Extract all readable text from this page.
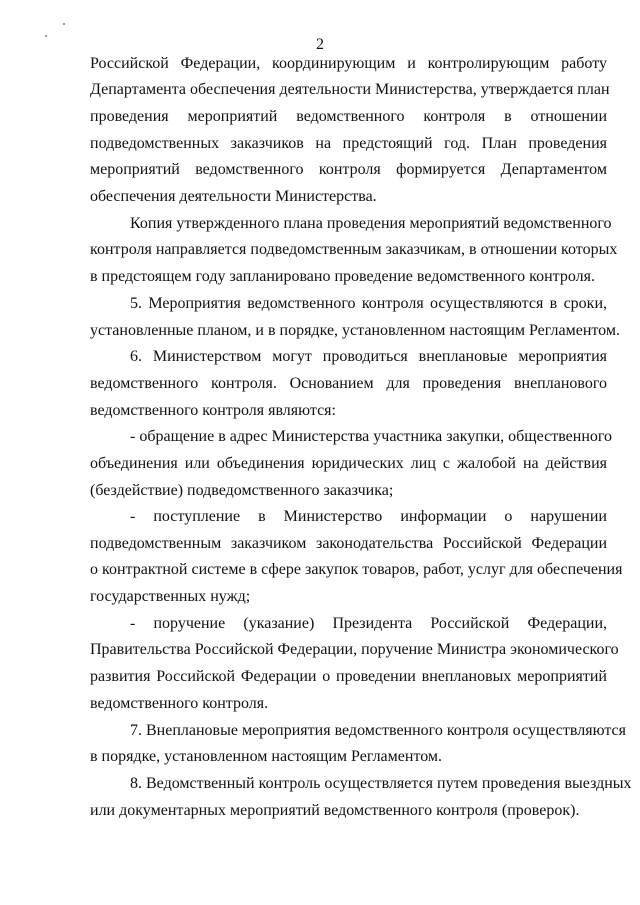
2
Российской Федерации, координирующим и контролирующим работу
Департамента обеспечения деятельности Министерства, утверждается план
проведения мероприятий ведомственного контроля в отношении
подведомственных заказчиков на предстоящий год. План проведения
мероприятий ведомственного контроля формируется Департаментом
обеспечения деятельности Министерства.
Копия утвержденного плана проведения мероприятий ведомственного
контроля направляется подведомственным заказчикам, в отношении которых
в предстоящем году запланировано проведение ведомственного контроля.
5. Мероприятия ведомственного контроля осуществляются в сроки,
установленные планом, и в порядке, установленном настоящим Регламентом.
6. Министерством могут проводиться внеплановые мероприятия
ведомственного контроля. Основанием для проведения внепланового
ведомственного контроля являются:
- обращение в адрес Министерства участника закупки, общественного
объединения или объединения юридических лиц с жалобой на действия
(бездействие) подведомственного заказчика;
- поступление в Министерство информации о нарушении
подведомственным заказчиком законодательства Российской Федерации
о контрактной системе в сфере закупок товаров, работ, услуг для обеспечения
государственных нужд;
- поручение (указание) Президента Российской Федерации,
Правительства Российской Федерации, поручение Министра экономического
развития Российской Федерации о проведении внеплановых мероприятий
ведомственного контроля.
7. Внеплановые мероприятия ведомственного контроля осуществляются
в порядке, установленном настоящим Регламентом.
8. Ведомственный контроль осуществляется путем проведения выездных
или документарных мероприятий ведомственного контроля (проверок).
